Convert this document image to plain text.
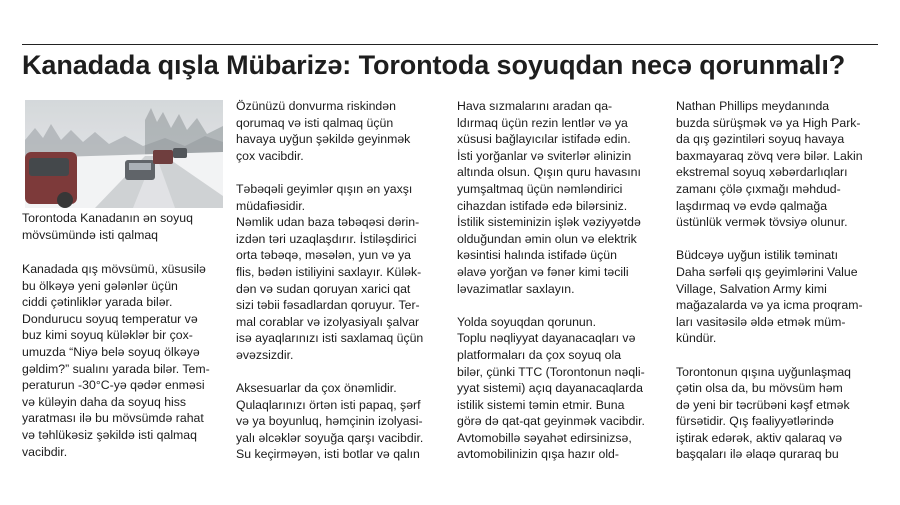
Kanadada qışla Mübarizə: Torontoda soyuqdan necə qorunmalı?
Torontoda Kanadanın ən soyuq mövsümündə isti qalmaq

Kanadada qış mövsümü, xüsusilə
bu ölkəyə yeni gələnlər üçün
ciddi çətinliklər yarada bilər.
Dondurucu soyuq temperatur və
buz kimi soyuq küləklər bir çox-
umuzda “Niyə belə soyuq ölkəyə
gəldim?” sualını yarada bilər. Tem-
peraturun -30°C-yə qədər enməsi
və küləyin daha da soyuq hiss
yaratması ilə bu mövsümdə rahat
və təhlükəsiz şəkildə isti qalmaq
vacibdir.

Özünüzü donvurma riskindən
qorumaq və isti qalmaq üçün
havaya uyğun şəkildə geyinmək
çox vacibdir.

Təbəqəli geyimlər qışın ən yaxşı
müdafiəsidir.
Nəmlik udan baza təbəqəsi dərin-
izdən təri uzaqlaşdırır. İstiləşdirici
orta təbəqə, məsələn, yun və ya
flis, bədən istiliyini saxlayır. Külək-
dən və sudan qoruyan xarici qat
sizi təbii fəsadlardan qoruyur. Ter-
mal corablar və izolyasiyalı şalvar
isə ayaqlarınızı isti saxlamaq üçün
əvəzsizdir.

Aksesuarlar da çox önəmlidir.
Qulaqlarınızı örtən isti papaq, şərf
və ya boyunluq, həmçinin izolyasi-
yalı əlcəklər soyuğa qarşı vacibdir.
Su keçirməyən, isti botlar və qalın

Hava sızmalarını aradan qa-
ldırmaq üçün rezin lentlər və ya
xüsusi bağlayıcılar istifadə edin.
İsti yorğanlar və sviterlər əlinizin
altında olsun. Qışın quru havasını
yumşaltmaq üçün nəmləndirici
cihazdan istifadə edə bilərsiniz.
İstilik sisteminizin işlək vəziyyətdə
olduğundan əmin olun və elektrik
kəsintisi halında istifadə üçün
əlavə yorğan və fənər kimi təcili
ləvazimatlar saxlayın.

Yolda soyuqdan qorunun.
Toplu nəqliyyat dayanacaqları və
platformaları da çox soyuq ola
bilər, çünki TTC (Torontonun nəqli-
yyat sistemi) açıq dayanacaqlarda
istilik sistemi təmin etmir. Buna
görə də qat-qat geyinmək vacibdir.
Avtomobillə səyahət edirsinizsə,
avtomobilinizin qışa hazır old-

Nathan Phillips meydanında
buzda sürüşmək və ya High Park-
da qış gəzintiləri soyuq havaya
baxmayaraq zövq verə bilər. Lakin
ekstremal soyuq xəbərdarlıqları
zamanı çölə çıxmağı məhdud-
laşdırmaq və evdə qalmağa
üstünlük vermək tövsiyə olunur.

Büdcəyə uyğun istilik təminatı
Daha sərfəli qış geyimlərini Value
Village, Salvation Army kimi
mağazalarda və ya icma proqram-
ları vasitəsilə əldə etmək müm-
kündür.

Torontonun qışına uyğunlaşmaq
çətin olsa da, bu mövsüm həm
də yeni bir təcrübəni kəşf etmək
fürsətidir. Qış fəaliyyətlərində
iştirak edərək, aktiv qalaraq və
başqaları ilə əlaqə quraraq bu
